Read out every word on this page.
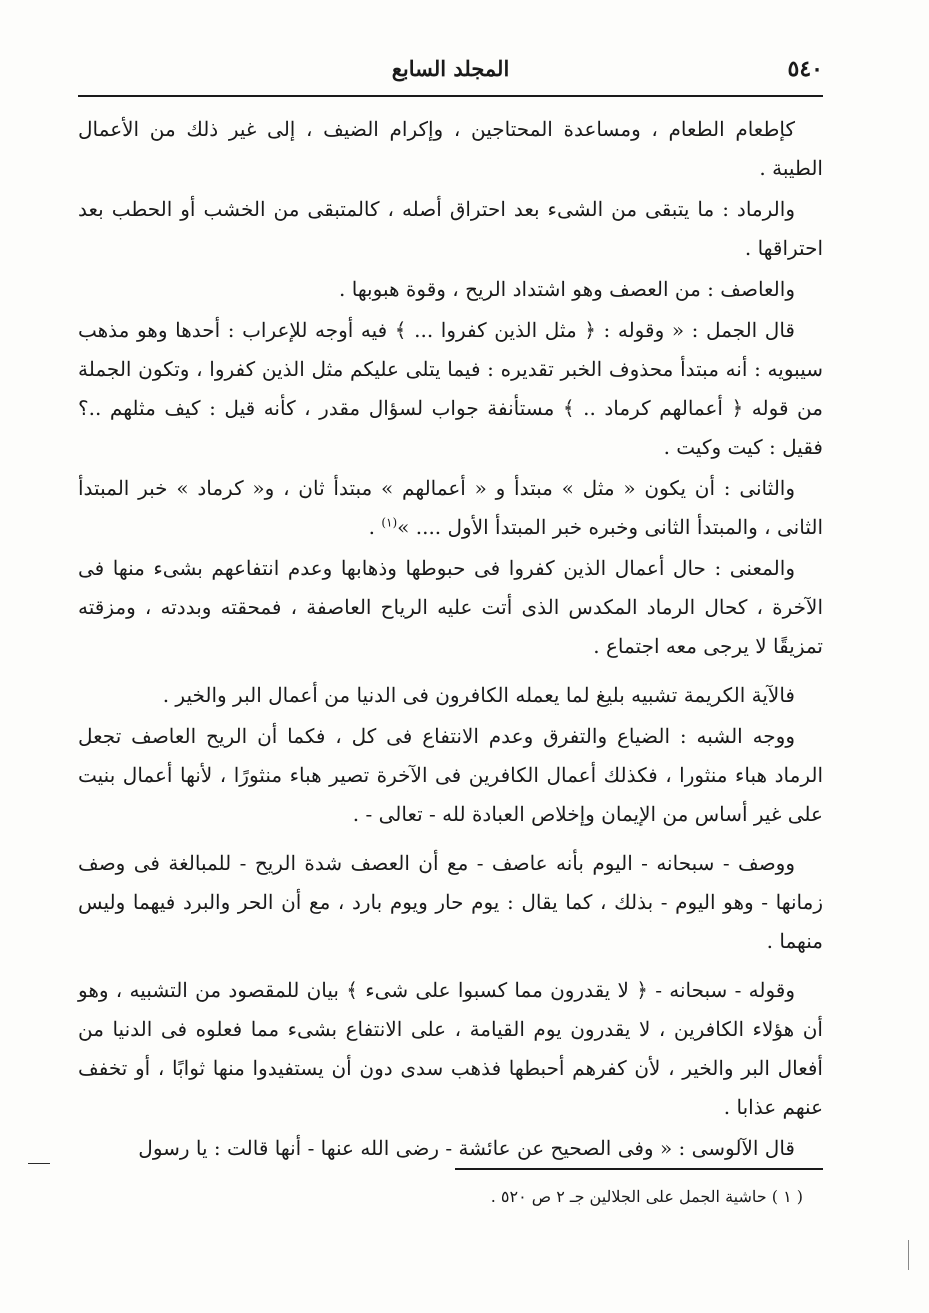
٥٤٠
المجلد السابع

كإطعام الطعام ، ومساعدة المحتاجين ، وإكرام الضيف ، إلى غير ذلك من الأعمال الطيبة .

والرماد : ما يتبقى من الشىء بعد احتراق أصله ، كالمتبقى من الخشب أو الحطب بعد احتراقها .

والعاصف : من العصف وهو اشتداد الريح ، وقوة هبوبها .

قال الجمل : « وقوله : ﴿ مثل الذين كفروا ... ﴾ فيه أوجه للإعراب : أحدها وهو مذهب سيبويه : أنه مبتدأ محذوف الخبر تقديره : فيما يتلى عليكم مثل الذين كفروا ، وتكون الجملة من قوله ﴿ أعمالهم كرماد .. ﴾ مستأنفة جواب لسؤال مقدر ، كأنه قيل : كيف مثلهم ..؟ فقيل : كيت وكيت .

والثانى : أن يكون « مثل » مبتدأ و « أعمالهم » مبتدأ ثان ، و« كرماد » خبر المبتدأ الثانى ، والمبتدأ الثانى وخبره خبر المبتدأ الأول .... »$^{(١)}$ .

والمعنى : حال أعمال الذين كفروا فى حبوطها وذهابها وعدم انتفاعهم بشىء منها فى الآخرة ، كحال الرماد المكدس الذى أتت عليه الرياح العاصفة ، فمحقته وبددته ، ومزقته تمزيقًا لا يرجى معه اجتماع .

فالآية الكريمة تشبيه بليغ لما يعمله الكافرون فى الدنيا من أعمال البر والخير .

ووجه الشبه : الضياع والتفرق وعدم الانتفاع فى كل ، فكما أن الريح العاصف تجعل الرماد هباء منثورا ، فكذلك أعمال الكافرين فى الآخرة تصير هباء منثورًا ، لأنها أعمال بنيت على غير أساس من الإيمان وإخلاص العبادة لله - تعالى - .

ووصف - سبحانه - اليوم بأنه عاصف - مع أن العصف شدة الريح - للمبالغة فى وصف زمانها - وهو اليوم - بذلك ، كما يقال : يوم حار ويوم بارد ، مع أن الحر والبرد فيهما وليس منهما .

وقوله - سبحانه - ﴿ لا يقدرون مما كسبوا على شىء ﴾ بيان للمقصود من التشبيه ، وهو أن هؤلاء الكافرين ، لا يقدرون يوم القيامة ، على الانتفاع بشىء مما فعلوه فى الدنيا من أفعال البر والخير ، لأن كفرهم أحبطها فذهب سدى دون أن يستفيدوا منها ثوابًا ، أو تخفف عنهم عذابا .

قال الآلوسى : « وفى الصحيح عن عائشة - رضى الله عنها - أنها قالت : يا رسول

( ١ ) حاشية الجمل على الجلالين جـ ٢ ص ٥٢٠ .
